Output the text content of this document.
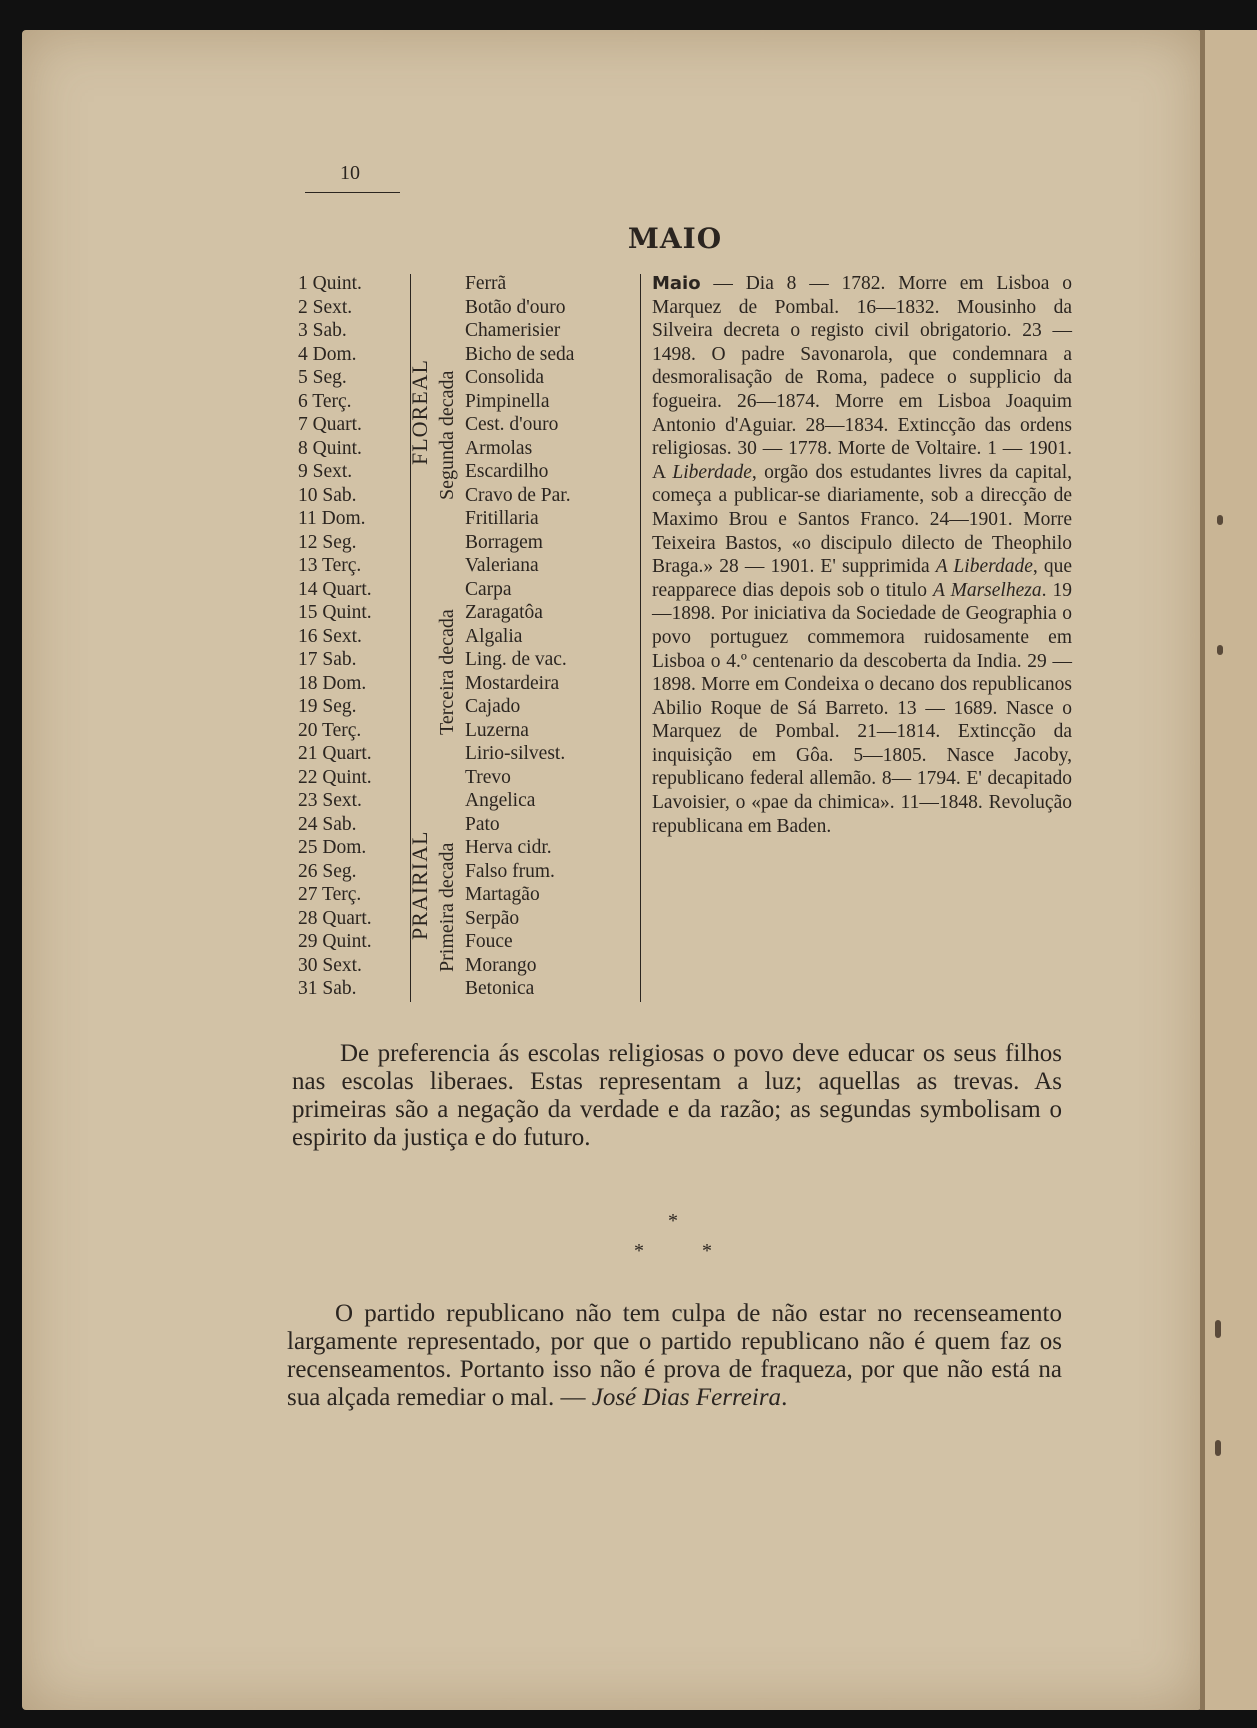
10
MAIO
1 Quint.
2 Sext.
3 Sab.
4 Dom.
5 Seg.
6 Terç.
7 Quart.
8 Quint.
9 Sext.
10 Sab.
11 Dom.
12 Seg.
13 Terç.
14 Quart.
15 Quint.
16 Sext.
17 Sab.
18 Dom.
19 Seg.
20 Terç.
21 Quart.
22 Quint.
23 Sext.
24 Sab.
25 Dom.
26 Seg.
27 Terç.
28 Quart.
29 Quint.
30 Sext.
31 Sab.
FLOREAL
PRAIRIAL
Segunda decada
Terceira decada
Primeira decada
Ferrã
Botão d'ouro
Chamerisier
Bicho de seda
Consolida
Pimpinella
Cest. d'ouro
Armolas
Escardilho
Cravo de Par.
Fritillaria
Borragem
Valeriana
Carpa
Zaragatôa
Algalia
Ling. de vac.
Mostardeira
Cajado
Luzerna
Lirio-silvest.
Trevo
Angelica
Pato
Herva cidr.
Falso frum.
Martagão
Serpão
Fouce
Morango
Betonica
Maio — Dia 8 — 1782. Morre em Lisboa o Marquez de Pombal. 16—1832. Mousinho da Silveira decreta o registo civil obrigatorio. 23 — 1498. O padre Savonarola, que condemnara a desmoralisação de Roma, padece o supplicio da fogueira. 26—1874. Morre em Lisboa Joaquim Antonio d'Aguiar. 28—1834. Extincção das ordens religiosas. 30 — 1778. Morte de Voltaire. 1 — 1901. A Liberdade, orgão dos estudantes livres da capital, começa a publicar-se diariamente, sob a direcção de Maximo Brou e Santos Franco. 24—1901. Morre Teixeira Bastos, «o discipulo dilecto de Theophilo Braga.» 28 — 1901. E' supprimida A Liberdade, que reapparece dias depois sob o titulo A Marselheza. 19—1898. Por iniciativa da Sociedade de Geographia o povo portuguez commemora ruidosamente em Lisboa o 4.º centenario da descoberta da India. 29 —1898. Morre em Condeixa o decano dos republicanos Abilio Roque de Sá Barreto. 13 — 1689. Nasce o Marquez de Pombal. 21—1814. Extincção da inquisição em Gôa. 5—1805. Nasce Jacoby, republicano federal allemão. 8— 1794. E' decapitado Lavoisier, o «pae da chimica». 11—1848. Revolução republicana em Baden.
De preferencia ás escolas religiosas o povo deve educar os seus filhos nas escolas liberaes. Estas representam a luz; aquellas as trevas. As primeiras são a negação da verdade e da razão; as segundas symbolisam o espirito da justiça e do futuro.
*
*	*
O partido republicano não tem culpa de não estar no recenseamento largamente representado, por que o partido republicano não é quem faz os recenseamentos. Portanto isso não é prova de fraqueza, por que não está na sua alçada remediar o mal. — José Dias Ferreira.
